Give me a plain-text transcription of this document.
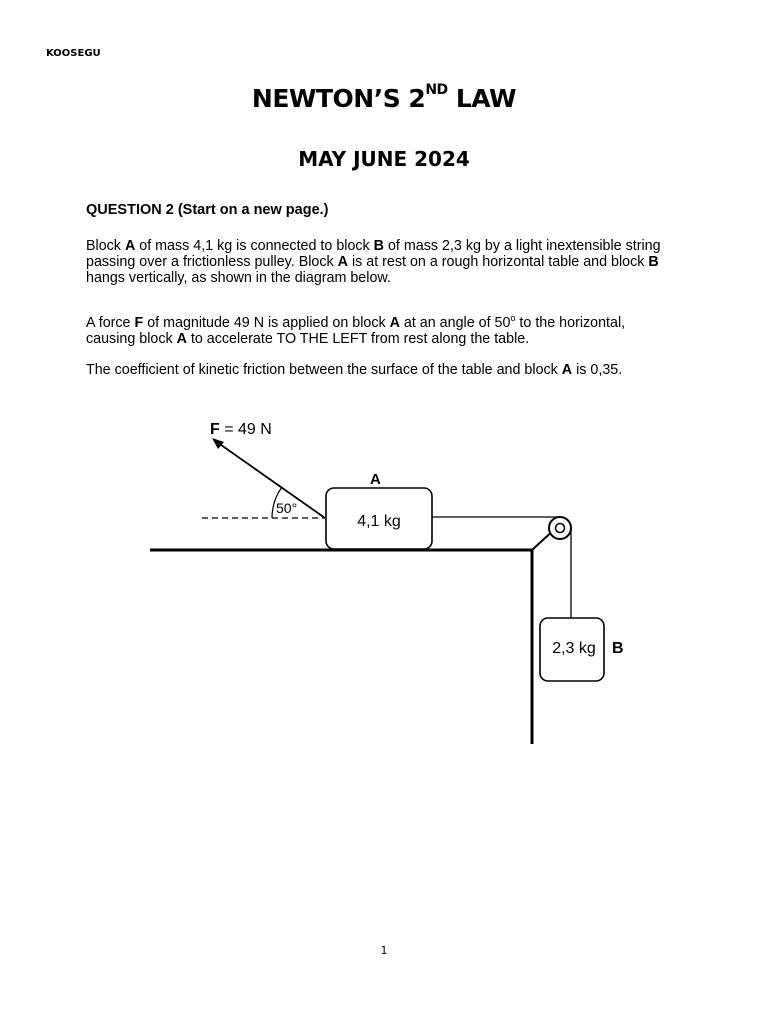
KOOSEGU
NEWTON’S 2ND LAW
MAY JUNE 2024
QUESTION 2 (Start on a new page.)
Block A of mass 4,1 kg is connected to block B of mass 2,3 kg by a light inextensible string passing over a frictionless pulley. Block A is at rest on a rough horizontal table and block B hangs vertically, as shown in the diagram below.
A force F of magnitude 49 N is applied on block A at an angle of 50$^o$ to the horizontal, causing block A to accelerate TO THE LEFT from rest along the table.
The coefficient of kinetic friction between the surface of the table and block A is 0,35.
F = 49 N
50°
A
4,1 kg
2,3 kg B
1
